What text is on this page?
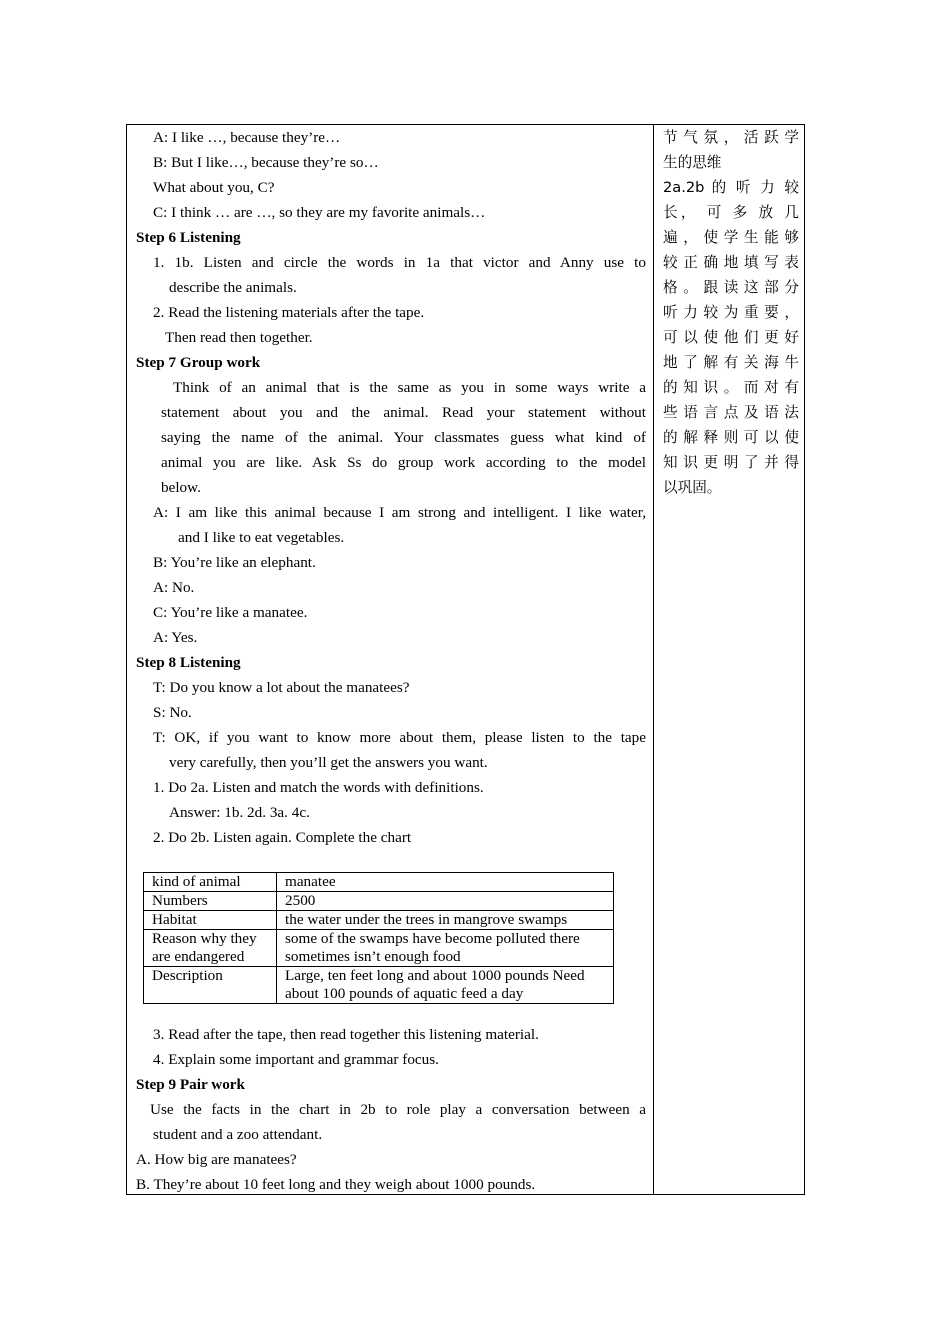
A: I like …, because they’re…
B: But I like…, because they’re so…
What about you, C?
C: I think … are …, so they are my favorite animals…
Step 6 Listening
1. 1b. Listen and circle the words in 1a that victor and Anny use to
describe the animals.
2. Read the listening materials after the tape.
Then read then together.
Step 7 Group work
Think of an animal that is the same as you in some ways write a
statement about you and the animal. Read your statement without
saying the name of the animal. Your classmates guess what kind of
animal you are like. Ask Ss do group work according to the model
below.
A: I am like this animal because I am strong and intelligent. I like water,
and I like to eat vegetables.
B: You’re like an elephant.
A: No.
C: You’re like a manatee.
A: Yes.
Step 8 Listening
T: Do you know a lot about the manatees?
S: No.
T: OK, if you want to know more about them, please listen to the tape
very carefully, then you’ll get the answers you want.
1. Do 2a. Listen and match the words with definitions.
Answer: 1b. 2d. 3a. 4c.
2. Do 2b. Listen again. Complete the chart
kind of animal	manatee
Numbers	2500
Habitat	the water under the trees in mangrove swamps
Reason why they are endangered	some of the swamps have become polluted there sometimes isn’t enough food
Description	Large, ten feet long and about 1000 pounds Need about 100 pounds of aquatic feed a day
3. Read after the tape, then read together this listening material.
4. Explain some important and grammar focus.
Step 9 Pair work
Use the facts in the chart in 2b to role play a conversation between a
student and a zoo attendant.
A. How big are manatees?
B. They’re about 10 feet long and they weigh about 1000 pounds.
节气氛，活跃学
生的思维
2a.2b 的 听 力 较
长， 可 多 放 几
遍，使学生能够
较正确地填写表
格。跟读这部分
听力较为重要，
可以使他们更好
地了解有关海牛
的知识。而对有
些语言点及语法
的解释则可以使
知识更明了并得
以巩固。
